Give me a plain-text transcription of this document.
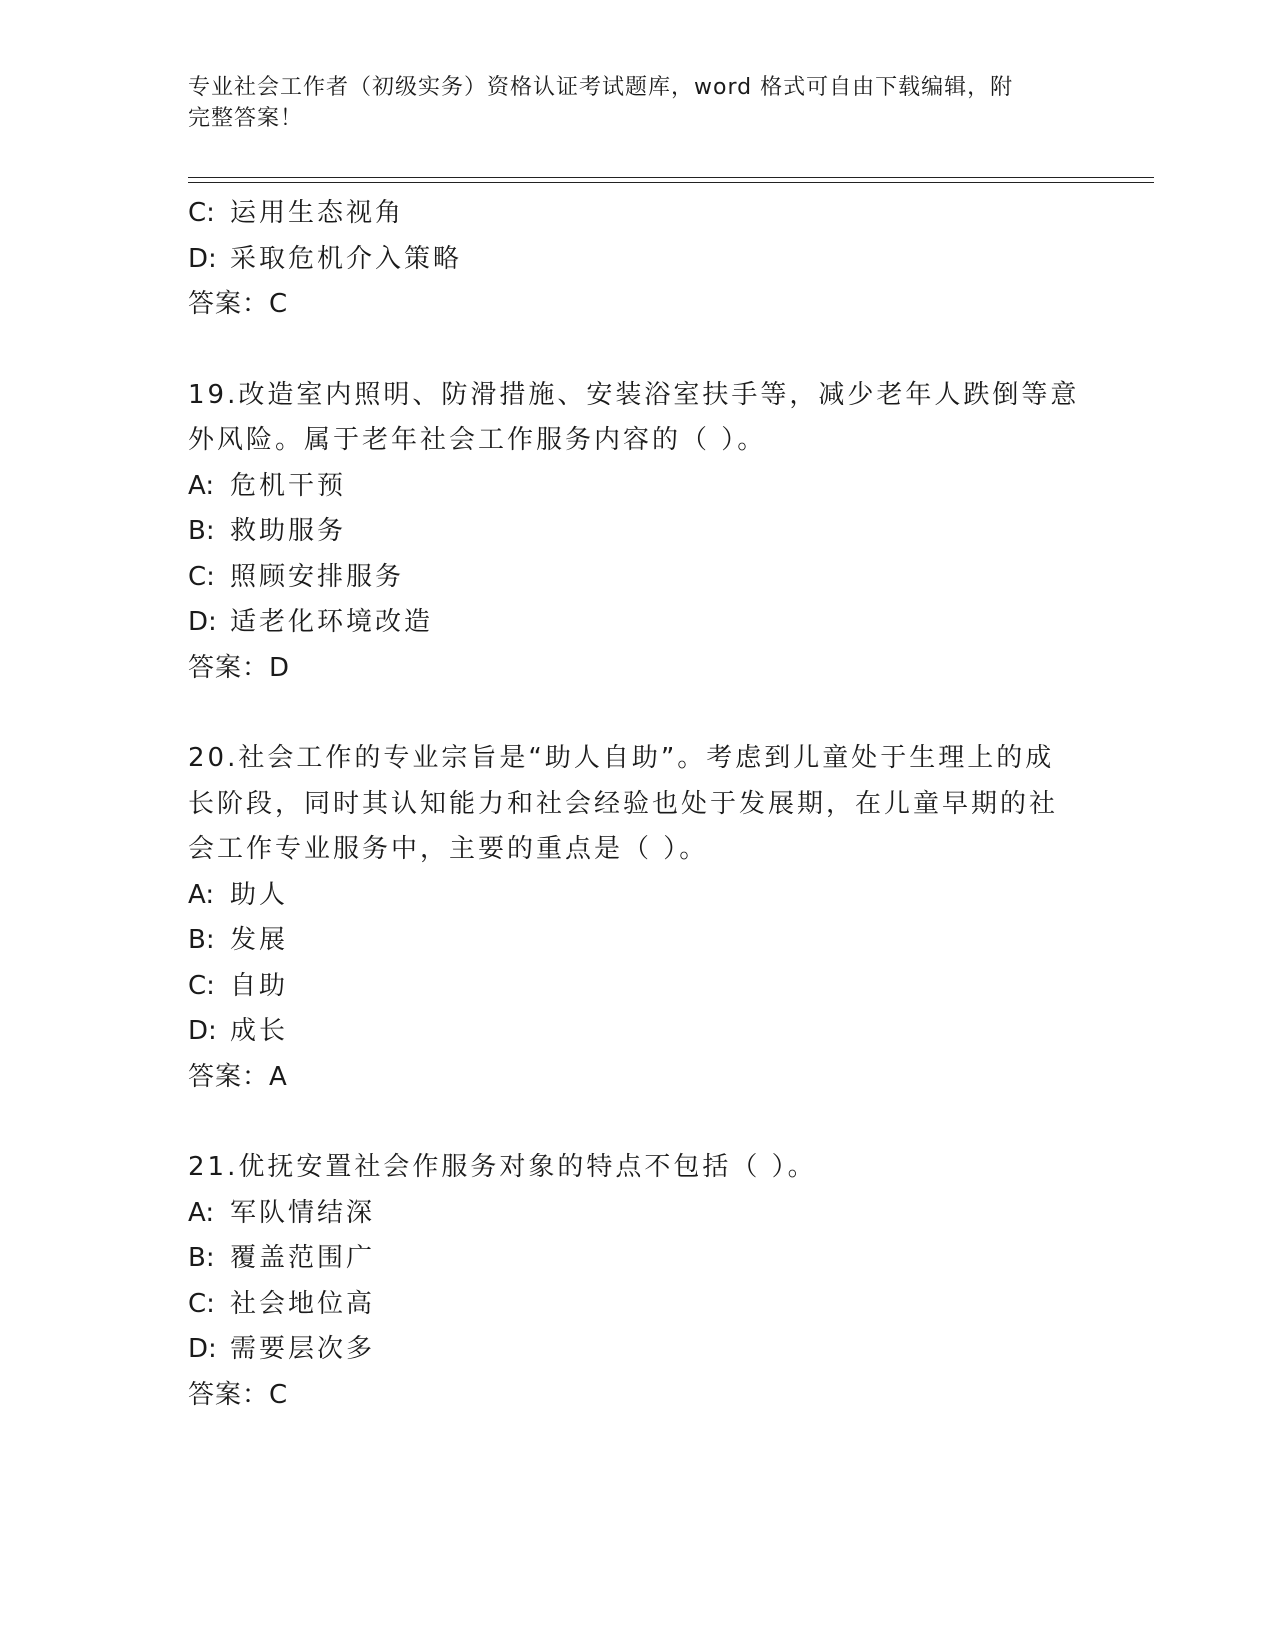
专业社会工作者（初级实务）资格认证考试题库，word 格式可自由下载编辑，附
完整答案！
C: 运用生态视角
D: 采取危机介入策略
答案：C
19.改造室内照明、防滑措施、安装浴室扶手等，减少老年人跌倒等意
外风险。属于老年社会工作服务内容的（ ）。
A: 危机干预
B: 救助服务
C: 照顾安排服务
D: 适老化环境改造
答案：D
20.社会工作的专业宗旨是“助人自助”。考虑到儿童处于生理上的成
长阶段，同时其认知能力和社会经验也处于发展期，在儿童早期的社
会工作专业服务中，主要的重点是（ ）。
A: 助人
B: 发展
C: 自助
D: 成长
答案：A
21.优抚安置社会作服务对象的特点不包括（ ）。
A: 军队情结深
B: 覆盖范围广
C: 社会地位高
D: 需要层次多
答案：C
